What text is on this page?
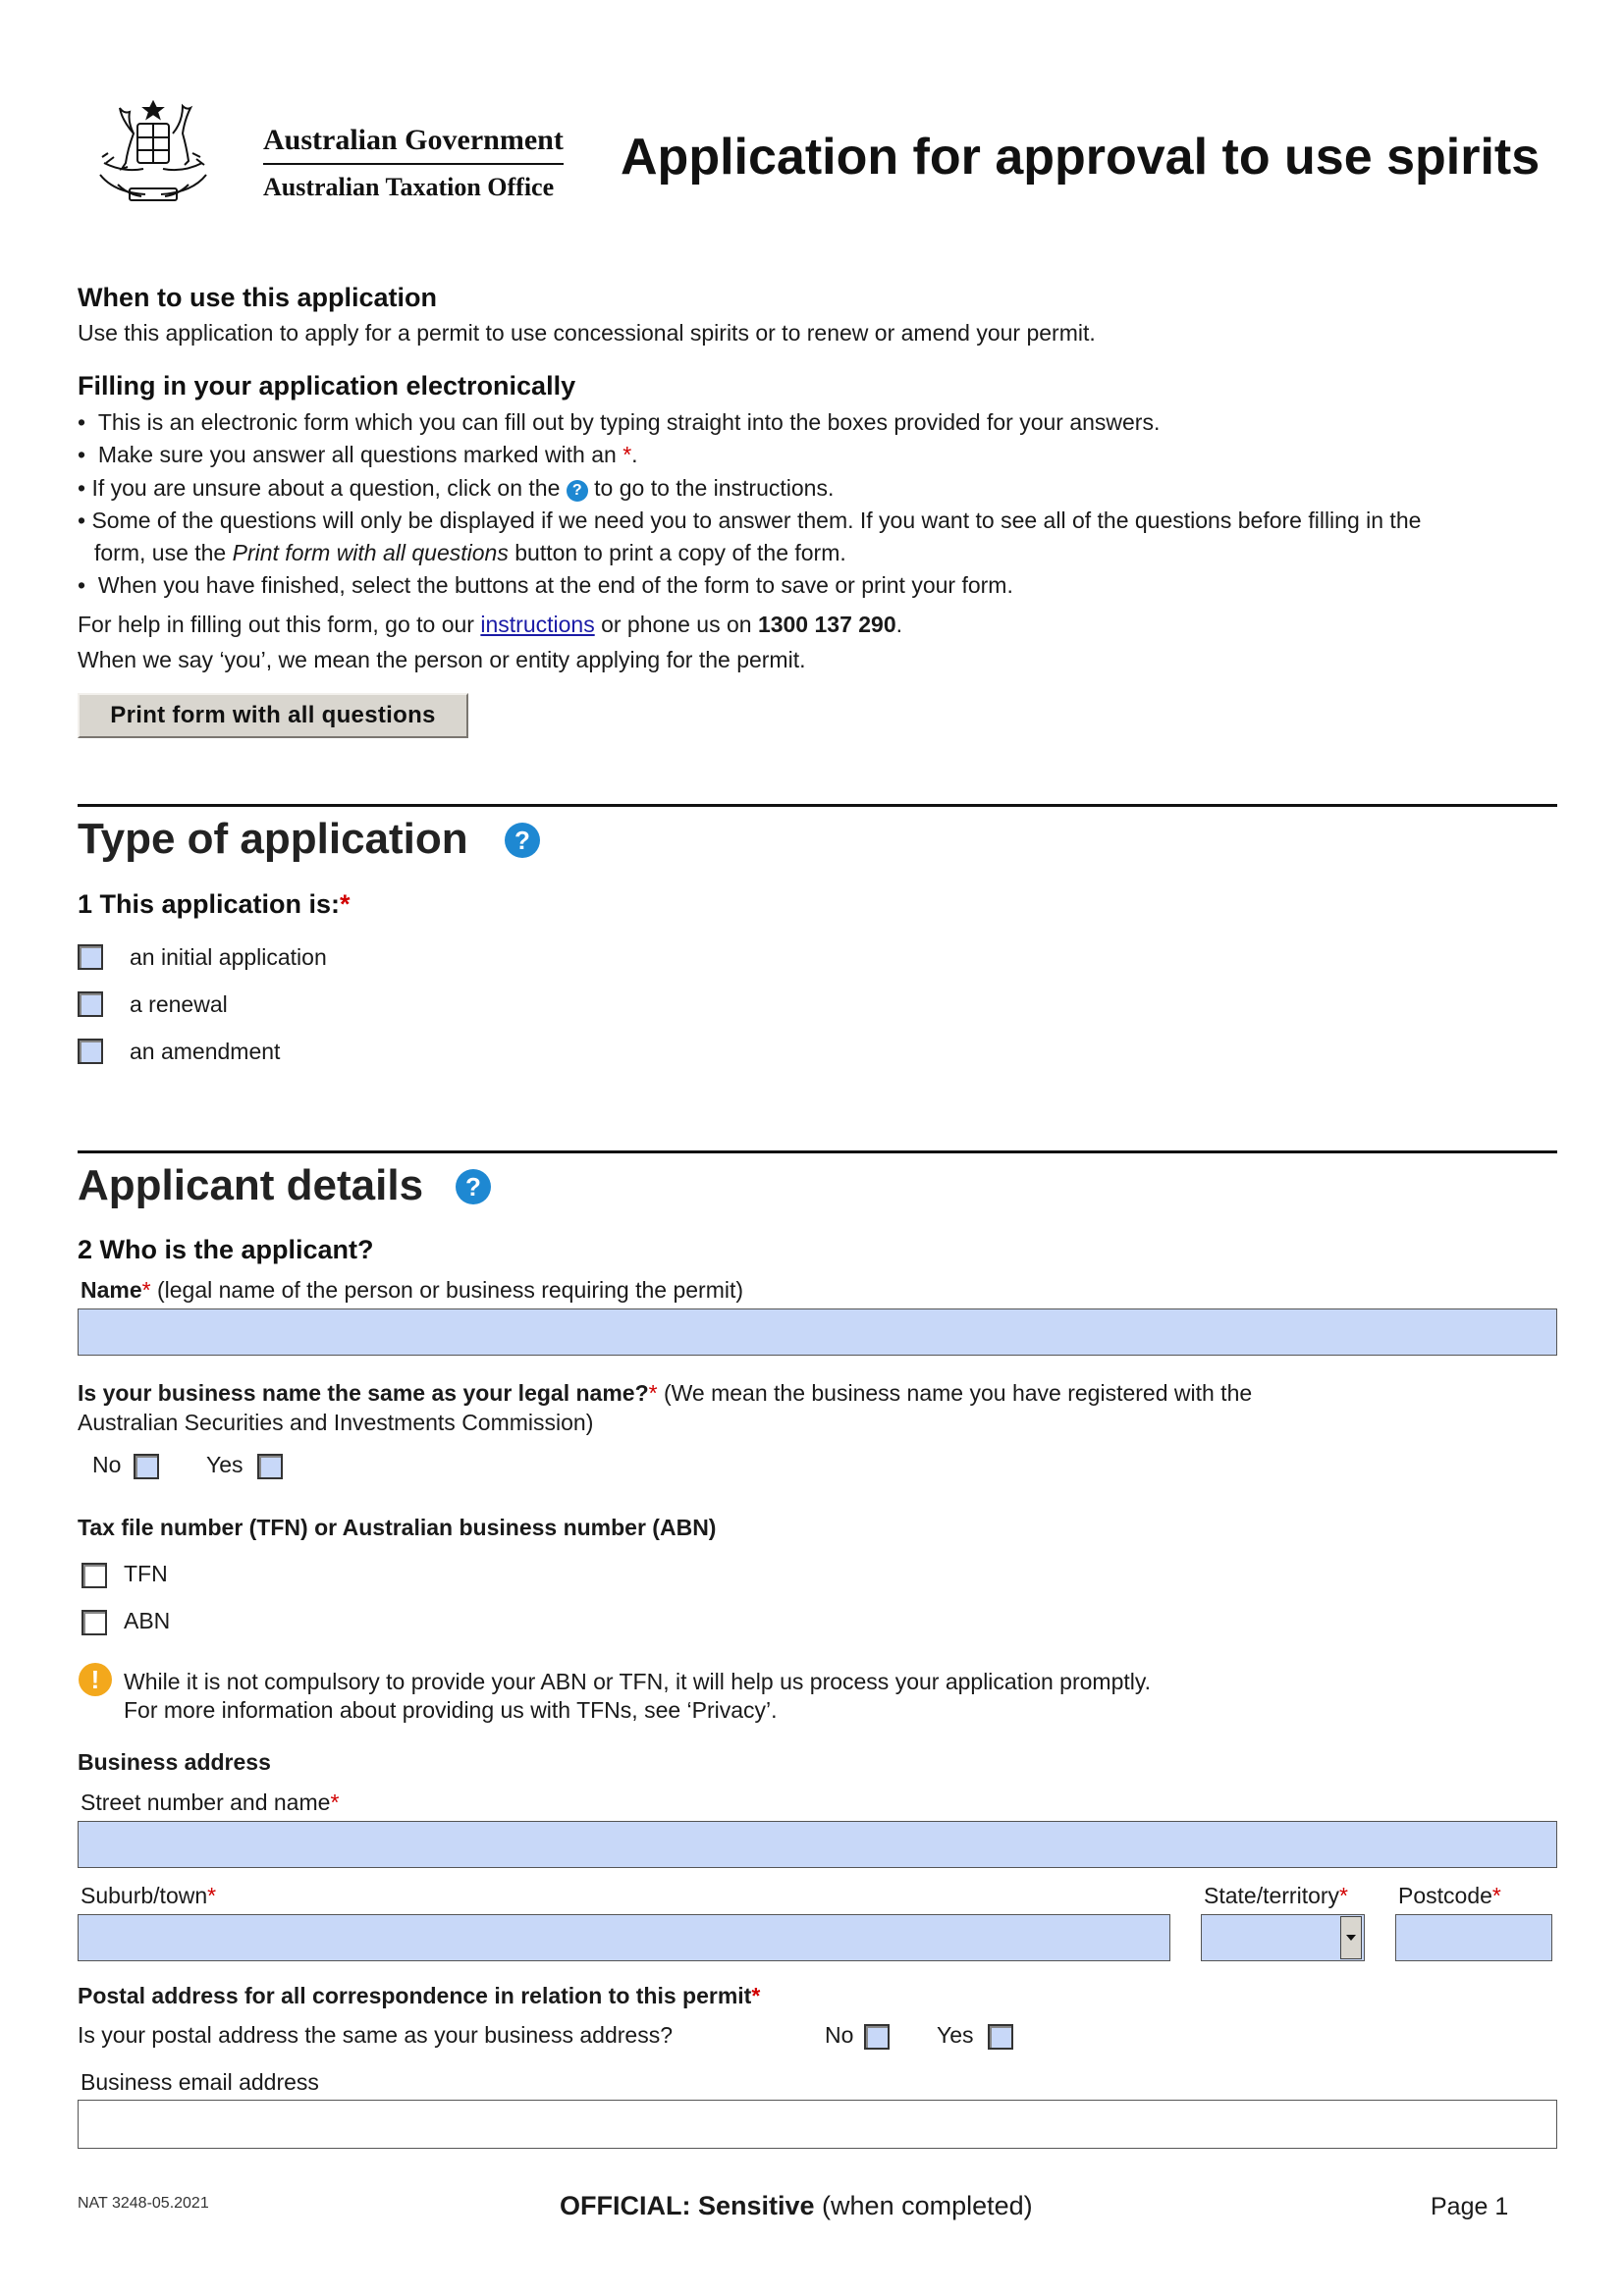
Australian Government
Australian Taxation Office
Application for approval to use spirits
When to use this application
Use this application to apply for a permit to use concessional spirits or to renew or amend your permit.
Filling in your application electronically
•  This is an electronic form which you can fill out by typing straight into the boxes provided for your answers.
•  Make sure you answer all questions marked with an *.
• If you are unsure about a question, click on the ? to go to the instructions.
• Some of the questions will only be displayed if we need you to answer them. If you want to see all of the questions before filling in the
form, use the Print form with all questions button to print a copy of the form.
•  When you have finished, select the buttons at the end of the form to save or print your form.
For help in filling out this form, go to our instructions or phone us on 1300 137 290.
When we say ‘you’, we mean the person or entity applying for the permit.
Print form with all questions
Type of application	?
1 This application is:*
an initial application
a renewal
an amendment
Applicant details	?
2 Who is the applicant?
Name* (legal name of the person or business requiring the permit)
Is your business name the same as your legal name?* (We mean the business name you have registered with the
Australian Securities and Investments Commission)
No	Yes
Tax file number (TFN) or Australian business number (ABN)
TFN
ABN
!	While it is not compulsory to provide your ABN or TFN, it will help us process your application promptly.
For more information about providing us with TFNs, see ‘Privacy’.
Business address
Street number and name*
Suburb/town*	State/territory* Postcode*
Postal address for all correspondence in relation to this permit*
Is your postal address the same as your business address?	No	Yes
Business email address
NAT 3248-05.2021	OFFICIAL: Sensitive (when completed)	Page 1
